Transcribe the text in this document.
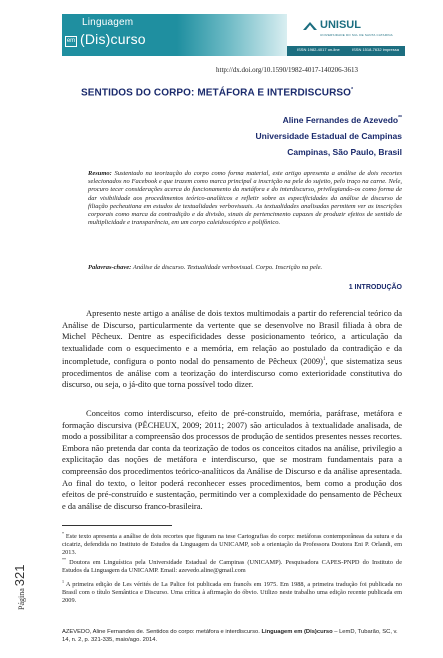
Linguagem
em (Dis)curso
UNISUL
UNIVERSIDADE DO SUL DE SANTA CATARINA
ISSN 1982-4017 on-line	ISSN 1518-7632 impressa
http://dx.doi.org/10.1590/1982-4017-140206-3613
SENTIDOS DO CORPO: METÁFORA E INTERDISCURSO*
Aline Fernandes de Azevedo**
Universidade Estadual de Campinas
Campinas, São Paulo, Brasil
Resumo: Sustentado na teorização do corpo como forma material, este artigo apresenta a análise de dois recortes selecionados no Facebook e que trazem como marca principal a inscrição na pele do sujeito, pelo traço na carne. Nele, procuro tecer considerações acerca do funcionamento da metáfora e do interdiscurso, privilegiando-os como forma de dar visibilidade aos procedimentos teórico-analíticos e refletir sobre as especificidades da análise de discurso de filiação pecheutiana em estudos de textualidades verbovisuais. As textualidades analisadas permitem ver as inscrições corporais como marca da contradição e da divisão, sinais de pertencimento capazes de produzir efeitos de sentido de multiplicidade e transparência, em um corpo caleidoscópico e polifônico.
Palavras-chave: Análise de discurso. Textualidade verbovisual. Corpo. Inscrição na pele.
1 INTRODUÇÃO
Apresento neste artigo a análise de dois textos multimodais a partir do referencial teórico da Análise de Discurso, particularmente da vertente que se desenvolve no Brasil filiada à obra de Michel Pêcheux. Dentre as especificidades desse posicionamento teórico, a articulação da textualidade com o esquecimento e a memória, em relação ao postulado da contradição e da incompletude, configura o ponto nodal do pensamento de Pêcheux $(2009)^1$, que sistematiza seus procedimentos de análise com a teorização do interdiscurso como exterioridade constitutiva do discurso, ou seja, o já-dito que torna possível todo dizer.
Conceitos como interdiscurso, efeito de pré-construído, memória, paráfrase, metáfora e formação discursiva (PÊCHEUX, 2009; 2011; 2007) são articulados à textualidade analisada, de modo a possibilitar a compreensão dos processos de produção de sentidos presentes nesses recortes. Embora não pretenda dar conta da teorização de todos os conceitos citados na análise, privilegio a explicitação das noções de metáfora e interdiscurso, que se mostram fundamentais para a compreensão dos procedimentos teórico-analíticos da Análise de Discurso e da análise apresentada. Ao final do texto, o leitor poderá reconhecer esses procedimentos, bem como a produção dos efeitos de pré-construído e sustentação, permitindo ver a complexidade do pensamento de Pêcheux e da análise de discurso franco-brasileira.
* Este texto apresenta a análise de dois recortes que figuram na tese Cartografias do corpo: metáforas contemporâneas da sutura e da cicatriz, defendida no Instituto de Estudos da Linguagem da UNICAMP, sob a orientação da Professora Doutora Eni P. Orlandi, em 2013.
** Doutora em Linguística pela Universidade Estadual de Campinas (UNICAMP). Pesquisadora CAPES-PNPD do Instituto de Estudos da Linguagem da UNICAMP. Email: azevedo.aline@gmail.com
$^1$ A primeira edição de Les vérités de La Palice foi publicada em francês em 1975. Em 1988, a primeira tradução foi publicada no Brasil com o título Semântica e Discurso. Uma crítica à afirmação do óbvio. Utilizo neste trabalho uma edição recente publicada em 2009.
Página
321
AZEVEDO, Aline Fernandes de. Sentidos do corpo: metáfora e interdiscurso. Linguagem em (Dis)curso – LemD, Tubarão, SC, v. 14, n. 2, p. 321-335, maio/ago. 2014.
